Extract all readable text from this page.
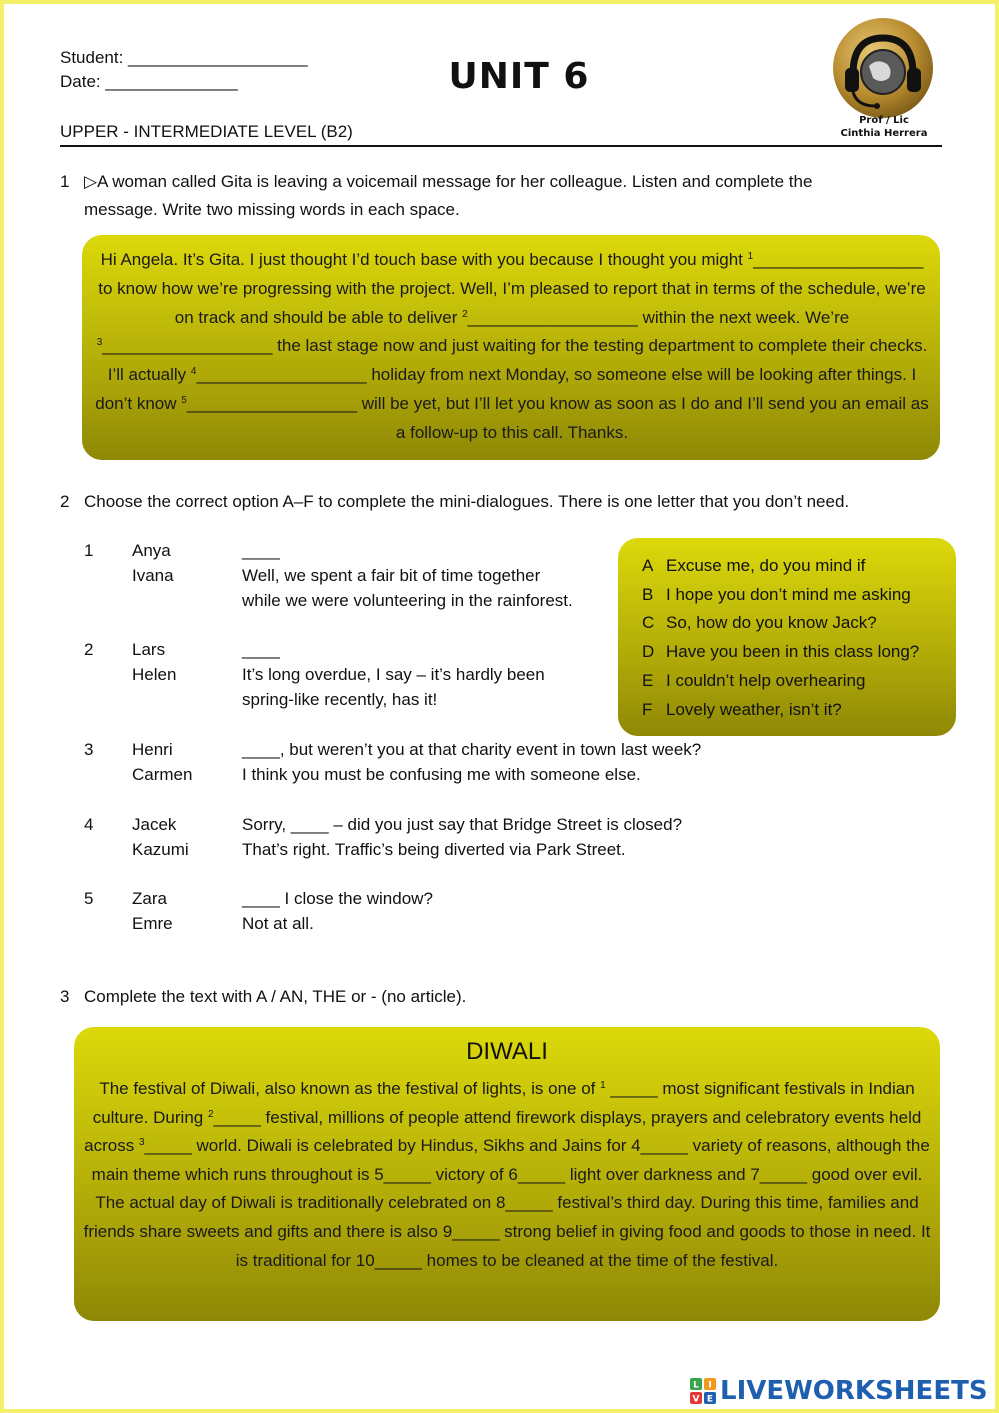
Student: ___________________
Date: ______________	UNIT 6
Prof / Lic
Cinthia Herrera
UPPER - INTERMEDIATE LEVEL (B2)
1 ▷A woman called Gita is leaving a voicemail message for her colleague. Listen and complete the
message. Write two missing words in each space.
Hi Angela. It’s Gita. I just thought I’d touch base with you because I thought you might $^1$__________________ to know how we’re progressing with the project. Well, I’m pleased to report that in terms of the schedule, we’re on track and should be able to deliver $^2$__________________ within the next week. We’re $^3$__________________ the last stage now and just waiting for the testing department to complete their checks. I’ll actually $^4$__________________ holiday from next Monday, so someone else will be looking after things. I don’t know $^5$__________________ will be yet, but I’ll let you know as soon as I do and I’ll send you an email as a follow-up to this call. Thanks.
2 Choose the correct option A–F to complete the mini-dialogues. There is one letter that you don’t need.
1	Anya	____
Ivana	Well, we spent a fair bit of time together
while we were volunteering in the rainforest.
2	Lars	____
Helen	It’s long overdue, I say – it’s hardly been
spring-like recently, has it!
3	Henri	____, but weren’t you at that charity event in town last week?
Carmen	I think you must be confusing me with someone else.
4	Jacek	Sorry, ____ – did you just say that Bridge Street is closed?
Kazumi	That’s right. Traffic’s being diverted via Park Street.
5	Zara	____ I close the window?
Emre	Not at all.
A Excuse me, do you mind if
B I hope you don’t mind me asking
C So, how do you know Jack?
D Have you been in this class long?
E I couldn’t help overhearing
F Lovely weather, isn’t it?
3 Complete the text with A / AN, THE or - (no article).
DIWALI

The festival of Diwali, also known as the festival of lights, is one of $^1$ _____ most significant festivals in Indian culture. During $^2$_____ festival, millions of people attend firework displays, prayers and celebratory events held across $^3$_____ world. Diwali is celebrated by Hindus, Sikhs and Jains for 4_____ variety of reasons, although the main theme which runs throughout is 5_____ victory of 6_____ light over darkness and 7_____ good over evil. The actual day of Diwali is traditionally celebrated on 8_____ festival’s third day. During this time, families and friends share sweets and gifts and there is also 9_____ strong belief in giving food and goods to those in need. It is traditional for 10_____ homes to be cleaned at the time of the festival.

L I
V E LIVEWORKSHEETS
